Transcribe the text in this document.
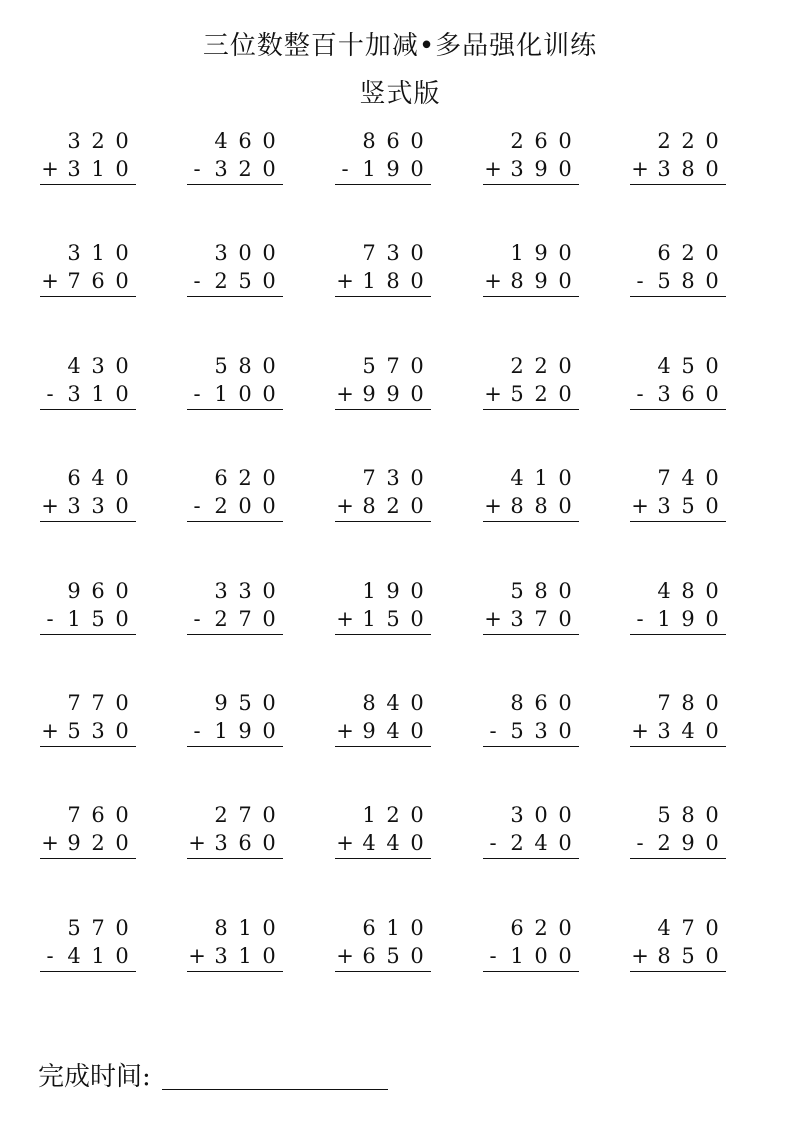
三位数整百十加减•多品强化训练
竖式版
3 2 0
+ 3 1 0
4 6 0
- 3 2 0
8 6 0
- 1 9 0
2 6 0
+ 3 9 0
2 2 0
+ 3 8 0
3 1 0
+ 7 6 0
3 0 0
- 2 5 0
7 3 0
+ 1 8 0
1 9 0
+ 8 9 0
6 2 0
- 5 8 0
4 3 0
- 3 1 0
5 8 0
- 1 0 0
5 7 0
+ 9 9 0
2 2 0
+ 5 2 0
4 5 0
- 3 6 0
6 4 0
+ 3 3 0
6 2 0
- 2 0 0
7 3 0
+ 8 2 0
4 1 0
+ 8 8 0
7 4 0
+ 3 5 0
9 6 0
- 1 5 0
3 3 0
- 2 7 0
1 9 0
+ 1 5 0
5 8 0
+ 3 7 0
4 8 0
- 1 9 0
7 7 0
+ 5 3 0
9 5 0
- 1 9 0
8 4 0
+ 9 4 0
8 6 0
- 5 3 0
7 8 0
+ 3 4 0
7 6 0
+ 9 2 0
2 7 0
+ 3 6 0
1 2 0
+ 4 4 0
3 0 0
- 2 4 0
5 8 0
- 2 9 0
5 7 0
- 4 1 0
8 1 0
+ 3 1 0
6 1 0
+ 6 5 0
6 2 0
- 1 0 0
4 7 0
+ 8 5 0
完成时间:
